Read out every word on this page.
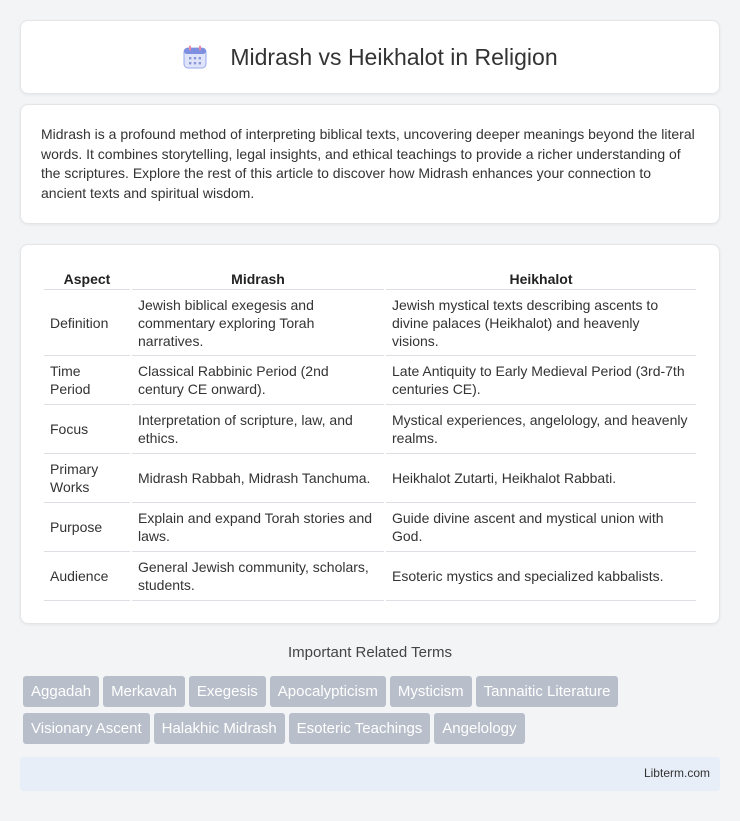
Midrash vs Heikhalot in Religion

Midrash is a profound method of interpreting biblical texts, uncovering deeper meanings beyond the literal words. It combines storytelling, legal insights, and ethical teachings to provide a richer understanding of the scriptures. Explore the rest of this article to discover how Midrash enhances your connection to ancient texts and spiritual wisdom.

Aspect	Midrash	Heikhalot
Definition	Jewish biblical exegesis and commentary exploring Torah narratives.	Jewish mystical texts describing ascents to divine palaces (Heikhalot) and heavenly visions.
Time Period	Classical Rabbinic Period (2nd century CE onward).	Late Antiquity to Early Medieval Period (3rd-7th centuries CE).
Focus	Interpretation of scripture, law, and ethics.	Mystical experiences, angelology, and heavenly realms.
Primary Works	Midrash Rabbah, Midrash Tanchuma.	Heikhalot Zutarti, Heikhalot Rabbati.
Purpose	Explain and expand Torah stories and laws.	Guide divine ascent and mystical union with God.
Audience	General Jewish community, scholars, students.	Esoteric mystics and specialized kabbalists.
Important Related Terms
Aggadah Merkavah Exegesis Apocalypticism Mysticism Tannaitic Literature
Visionary Ascent Halakhic Midrash Esoteric Teachings Angelology
Libterm.com
